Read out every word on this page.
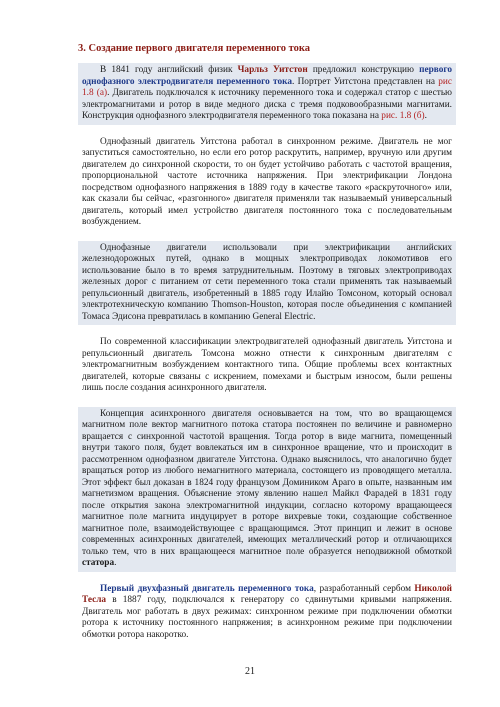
3. Создание первого двигателя переменного тока

В 1841 году английский физик Чарльз Уитстон предложил конструкцию первого однофазного электродвигателя переменного тока. Портрет Уитстона представлен на рис 1.8 (а). Двигатель подключался к источнику переменного тока и содержал статор с шестью электромагнитами и ротор в виде медного диска с тремя подковообразными магнитами. Конструкция однофазного электродвигателя переменного тока показана на рис. 1.8 (б).

Однофазный двигатель Уитстона работал в синхронном режиме. Двигатель не мог запуститься самостоятельно, но если его ротор раскрутить, например, вручную или другим двигателем до синхронной скорости, то он будет устойчиво работать с частотой вращения, пропорциональной частоте источника напряжения. При электрификации Лондона посредством однофазного напряжения в 1889 году в качестве такого «раскруточного» или, как сказали бы сейчас, «разгонного» двигателя применяли так называемый универсальный двигатель, который имел устройство двигателя постоянного тока с последовательным возбуждением.

Однофазные двигатели использовали при электрификации английских железнодорожных путей, однако в мощных электроприводах локомотивов его использование было в то время затруднительным. Поэтому в тяговых электроприводах железных дорог с питанием от сети переменного тока стали применять так называемый репульсионный двигатель, изобретенный в 1885 году Илайю Томсоном, который основал электротехническую компанию Thomson-Houston, которая после объединения с компанией Томаса Эдисона превратилась в компанию General Electric.

По современной классификации электродвигателей однофазный двигатель Уитстона и репульсионный двигатель Томсона можно отнести к синхронным двигателям с электромагнитным возбуждением контактного типа. Общие проблемы всех контактных двигателей, которые связаны с искрением, помехами и быстрым износом, были решены лишь после создания асинхронного двигателя.

Концепция асинхронного двигателя основывается на том, что во вращающемся магнитном поле вектор магнитного потока статора постоянен по величине и равномерно вращается с синхронной частотой вращения. Тогда ротор в виде магнита, помещенный внутри такого поля, будет вовлекаться им в синхронное вращение, что и происходит в рассмотренном однофазном двигателе Уитстона. Однако выяснилось, что аналогично будет вращаться ротор из любого немагнитного материала, состоящего из проводящего металла. Этот эффект был доказан в 1824 году французом Домиником Араго в опыте, названным им магнетизмом вращения. Объяснение этому явлению нашел Майкл Фарадей в 1831 году после открытия закона электромагнитной индукции, согласно которому вращающееся магнитное поле магнита индуцирует в роторе вихревые токи, создающие собственное магнитное поле, взаимодействующее с вращающимся. Этот принцип и лежит в основе современных асинхронных двигателей, имеющих металлический ротор и отличающихся только тем, что в них вращающееся магнитное поле образуется неподвижной обмоткой статора.

Первый двухфазный двигатель переменного тока, разработанный сербом Николой Тесла в 1887 году, подключался к генератору со сдвинутыми кривыми напряжения. Двигатель мог работать в двух режимах: синхронном режиме при подключении обмотки ротора к источнику постоянного напряжения; в асинхронном режиме при подключении обмотки ротора накоротко.

21
